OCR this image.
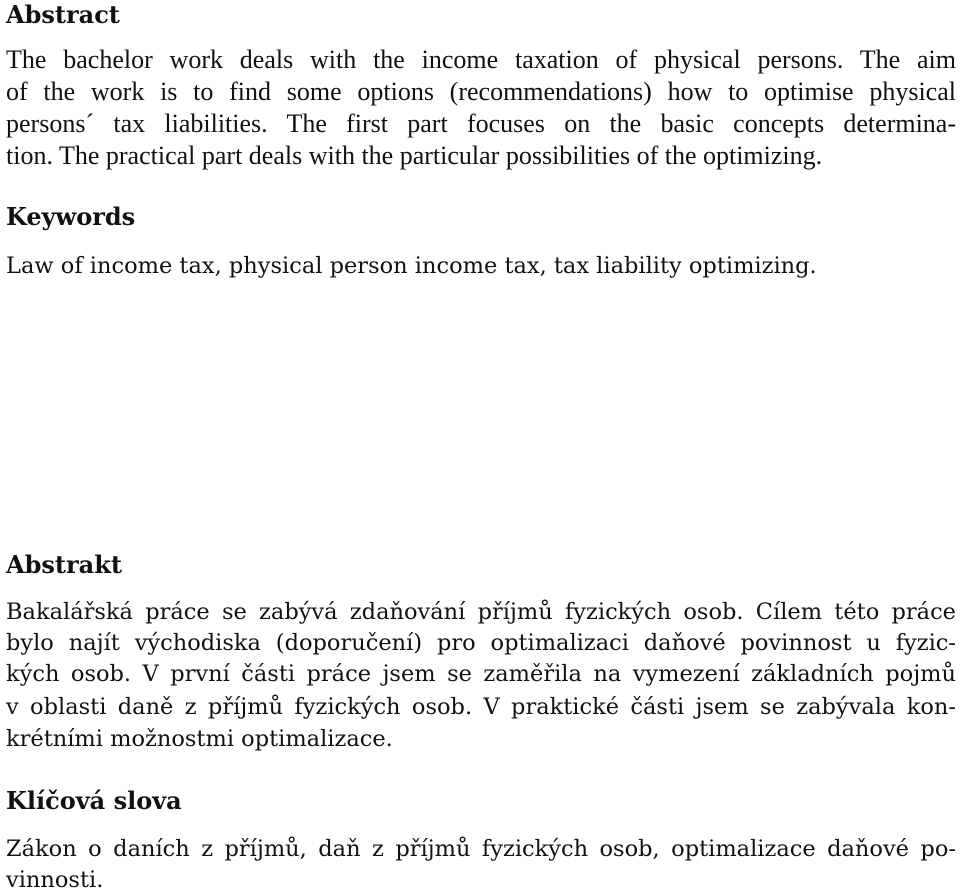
Abstract

The bachelor work deals with the income taxation of physical persons. The aim

of the work is to find some options (recommendations) how to optimise physical

persons´ tax liabilities. The first part focuses on the basic concepts determina-

tion. The practical part deals with the particular possibilities of the optimizing.

Keywords

Law of income tax, physical person income tax, tax liability optimizing.

Abstrakt

Bakalářská práce se zabývá zdaňování příjmů fyzických osob. Cílem této práce

bylo najít východiska (doporučení) pro optimalizaci daňové povinnost u fyzic-

kých osob. V první části práce jsem se zaměřila na vymezení základních pojmů

v oblasti daně z příjmů fyzických osob. V praktické části jsem se zabývala kon-

krétními možnostmi optimalizace.

Klíčová slova

Zákon o daních z příjmů, daň z příjmů fyzických osob, optimalizace daňové po-

vinnosti.
